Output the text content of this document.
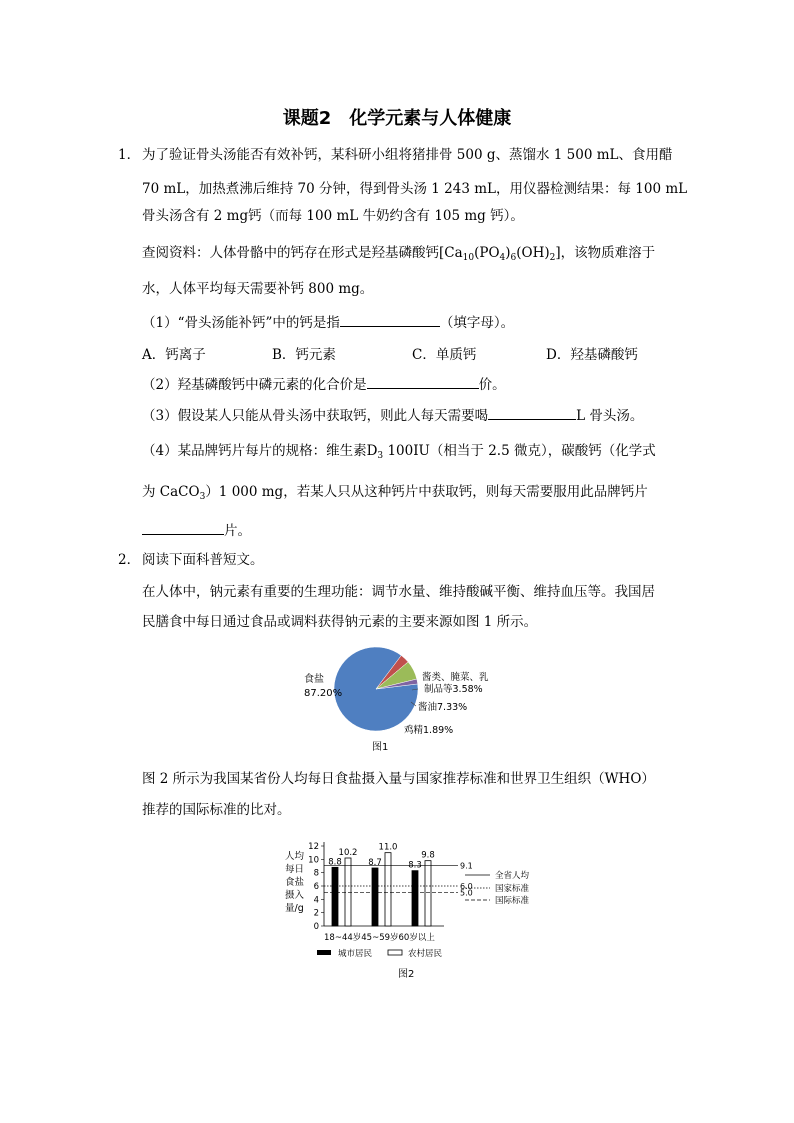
课题2　化学元素与人体健康
1． 为了验证骨头汤能否有效补钙，某科研小组将猪排骨 500 g、蒸馏水 1 500 mL、食用醋
70 mL，加热煮沸后维持 70 分钟，得到骨头汤 1 243 mL，用仪器检测结果：每 100 mL
骨头汤含有 2 mg钙（而每 100 mL 牛奶约含有 105 mg 钙）。
查阅资料：人体骨骼中的钙存在形式是羟基磷酸钙$[Ca_{10}(PO_4)_6(OH)_2]$，该物质难溶于
水，人体平均每天需要补钙 800 mg。
（1）“骨头汤能补钙”中的钙是指	（填字母）。
A．钙离子	B．钙元素	C．单质钙	D．羟基磷酸钙
（2）羟基磷酸钙中磷元素的化合价是	价。
（3）假设某人只能从骨头汤中获取钙，则此人每天需要喝	L 骨头汤。
（4）某品牌钙片每片的规格：维生素$D_3$ 100IU（相当于 2.5 微克），碳酸钙（化学式
为 CaCO$_3$）1 000 mg，若某人只从这种钙片中获取钙，则每天需要服用此品牌钙片
片。
2． 阅读下面科普短文。
在人体中，钠元素有重要的生理功能：调节水量、维持酸碱平衡、维持血压等。我国居
民膳食中每日通过食品或调料获得钠元素的主要来源如图 1 所示。
食盐
87.20%
酱类、腌菜、乳
制品等3.58%
酱油7.33%
鸡精1.89%
图1
图 2 所示为我国某省份人均每日食盐摄入量与国家推荐标准和世界卫生组织（WHO）
推荐的国际标准的比对。
人均
每日
食盐
摄入
量/g
0
2
4
6
8
10
12
8.8
10.2
8.7
11.0
8.3
9.8
9.1
6.0
5.0
18~44岁45~59岁60岁以上
城市居民	农村居民
全省人均
国家标准
国际标准
图2
